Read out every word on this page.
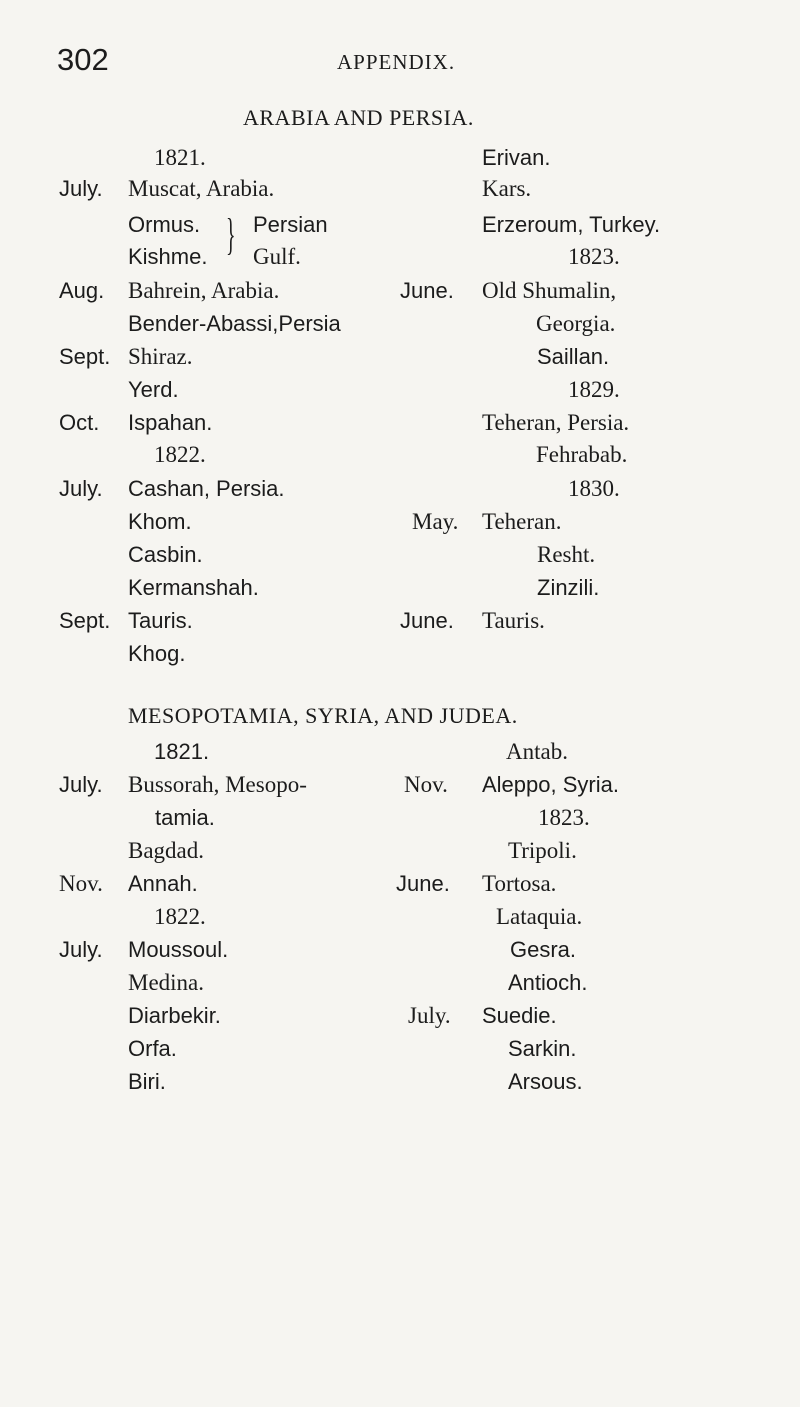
302	APPENDIX.
ARABIA AND PERSIA.
1821.
July. Muscat, Arabia.
Ormus.
Kishme. } Persian
Gulf.
Aug. Bahrein, Arabia.
Bender-Abassi,Persia
Sept. Shiraz.
Yerd.
Oct. Ispahan.
1822.
July. Cashan, Persia.
Khom.
Casbin.
Kermanshah.
Sept. Tauris.
Khog.
Erivan.
Kars.
Erzeroum, Turkey.
1823.
June. Old Shumalin,
Georgia.
Saillan.
1829.
Teheran, Persia.
Fehrabab.
1830.
May. Teheran.
Resht.
Zinzili.
June. Tauris.
MESOPOTAMIA, SYRIA, AND JUDEA.
1821.
July. Bussorah, Mesopo-
tamia.
Bagdad.
Nov. Annah.
1822.
July. Moussoul.
Medina.
Diarbekir.
Orfa.
Biri.
Antab.
Nov. Aleppo, Syria.
1823.
Tripoli.
June. Tortosa.
Lataquia.
Gesra.
Antioch.
July. Suedie.
Sarkin.
Arsous.
